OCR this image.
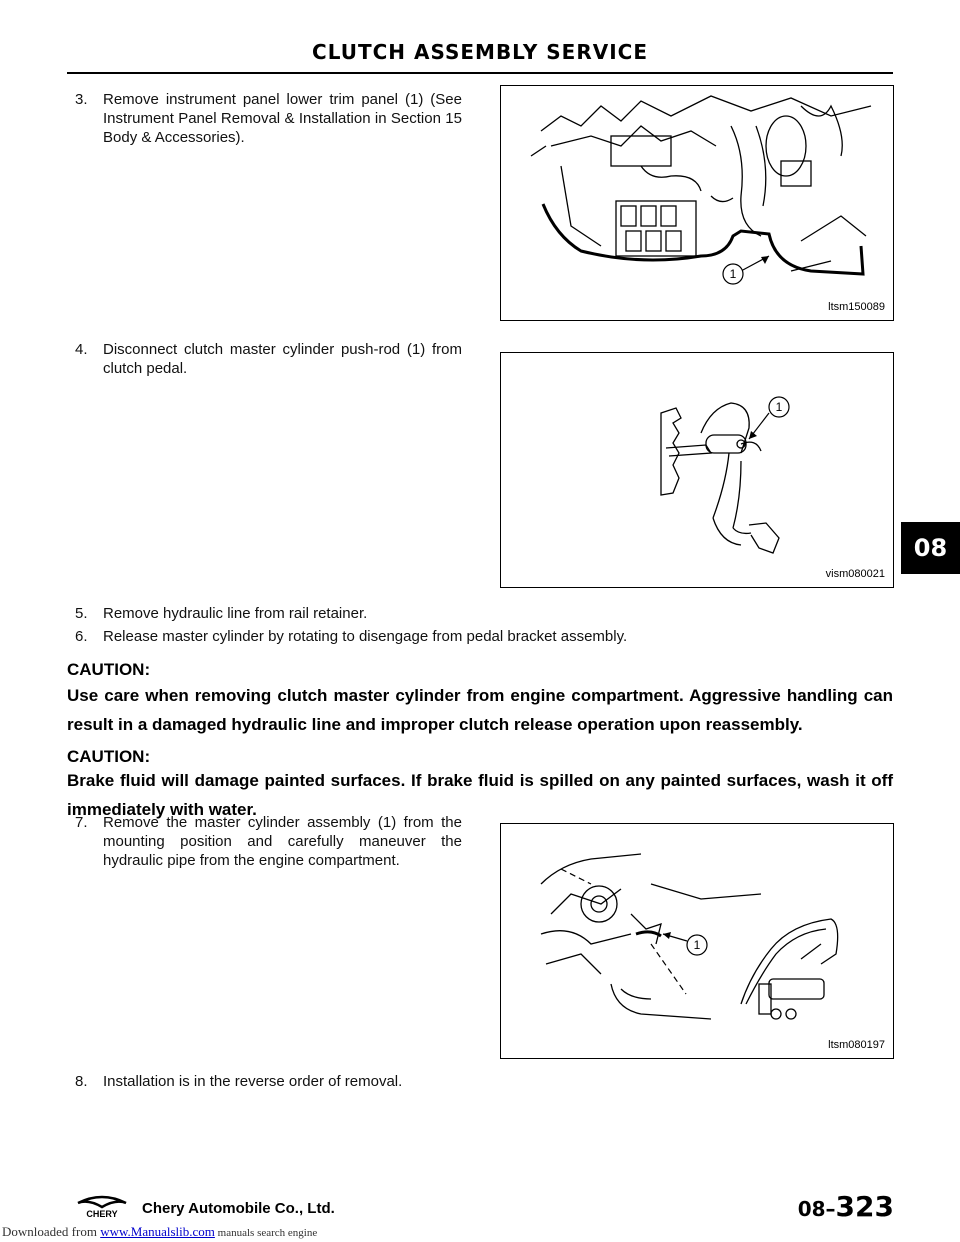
CLUTCH ASSEMBLY SERVICE
3.	Remove instrument panel lower trim panel (1) (See Instrument Panel Removal & Installation in Section 15 Body & Accessories).
1
ltsm150089
4.	Disconnect clutch master cylinder push-rod (1) from clutch pedal.
1
vism080021
5.	Remove hydraulic line from rail retainer.
6.	Release master cylinder by rotating to disengage from pedal bracket assembly.
CAUTION:
Use care when removing clutch master cylinder from engine compartment. Aggressive handling can result in a damaged hydraulic line and improper clutch release operation upon reassembly.
CAUTION:
Brake fluid will damage painted surfaces. If brake fluid is spilled on any painted surfaces, wash it off immediately with water.
7.	Remove the master cylinder assembly (1) from the mounting position and carefully maneuver the hydraulic pipe from the engine compartment.
1
ltsm080197
8.	Installation is in the reverse order of removal.
08
CHERY Chery Automobile Co., Ltd.	08–323
Downloaded from www.Manualslib.com manuals search engine
